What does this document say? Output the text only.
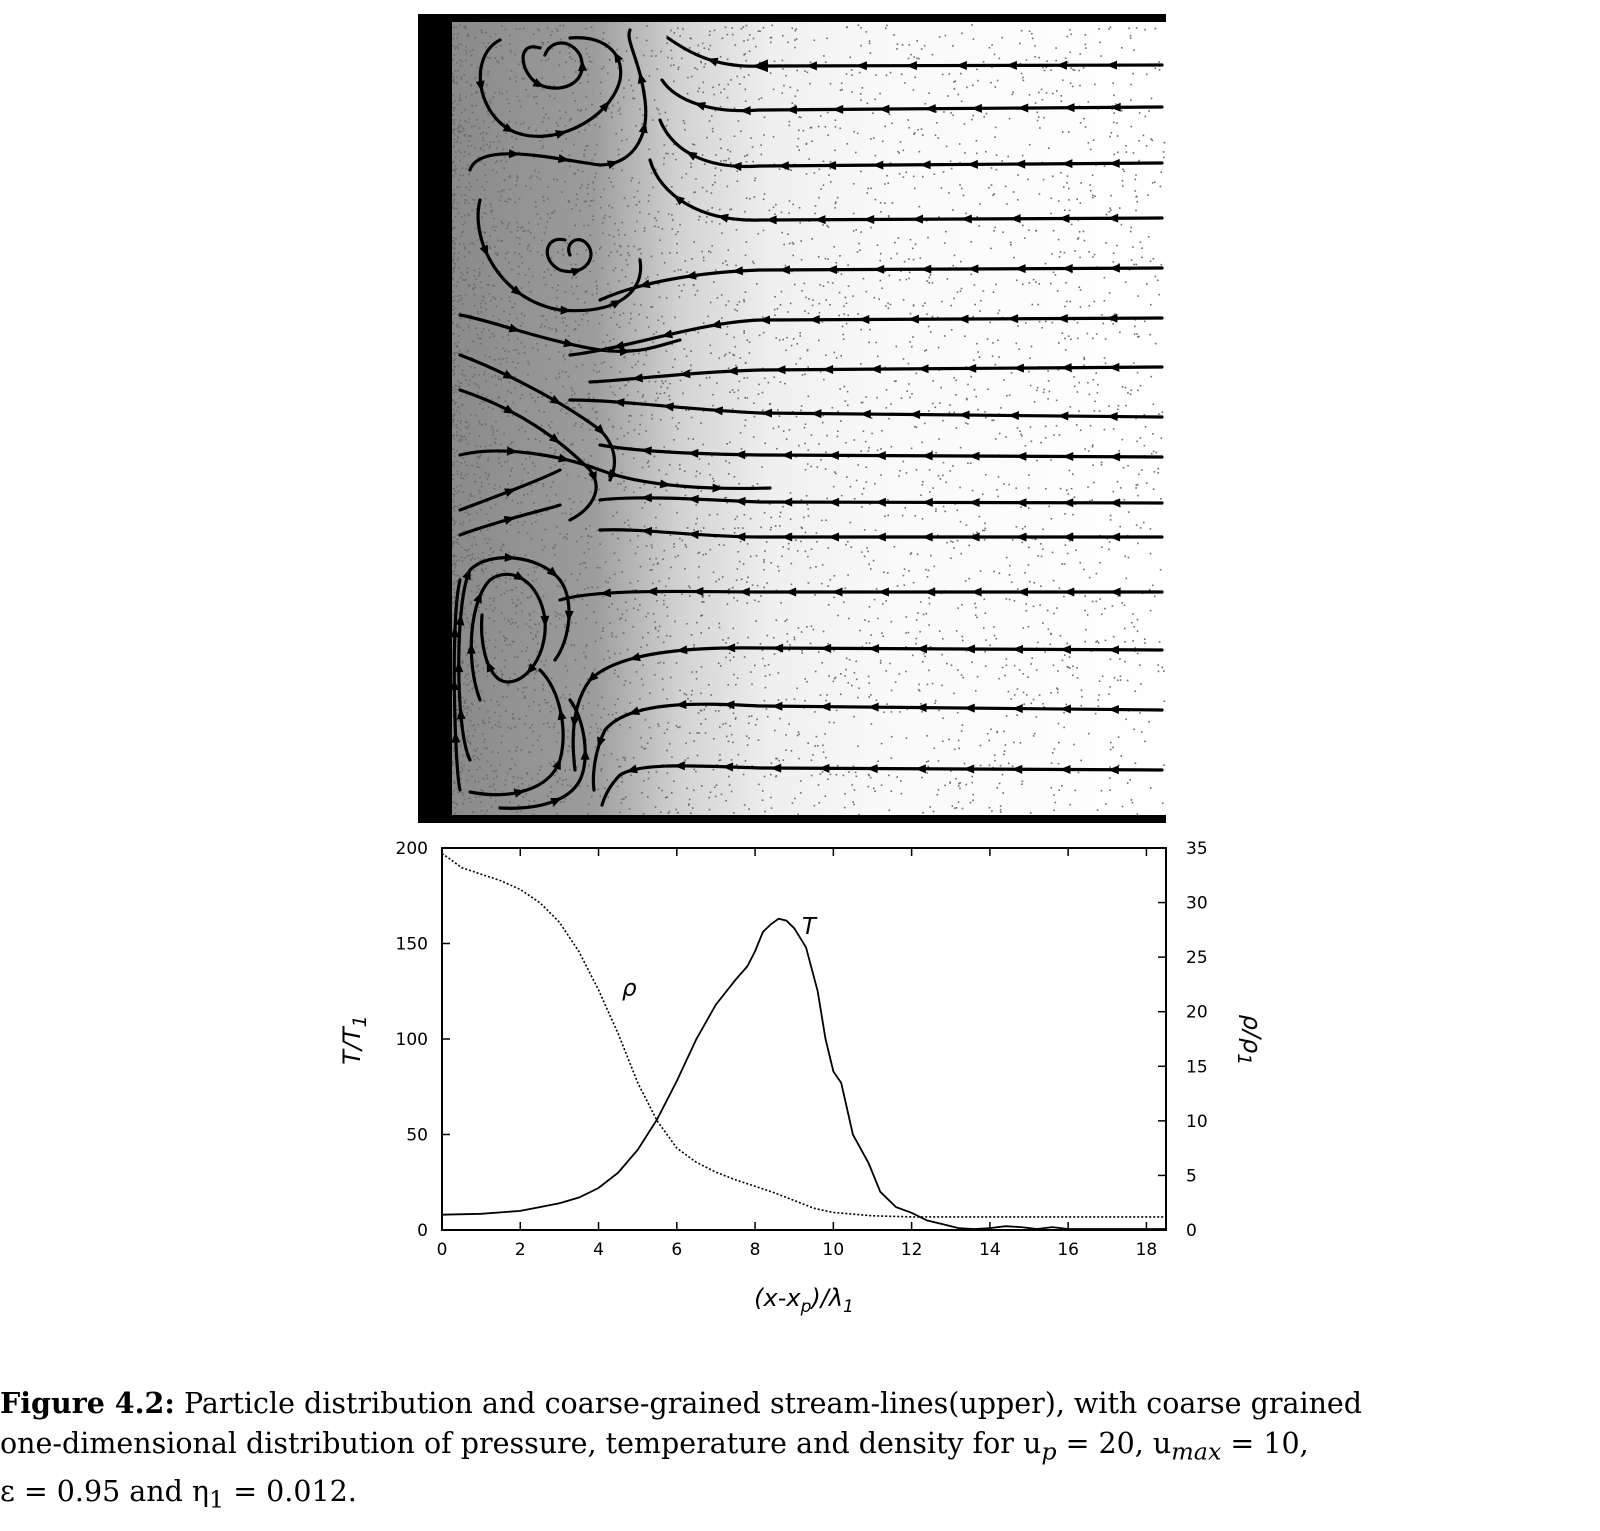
0	2	4	6	8	10	12	14	16	18
0
50
100
150
200
0
5
10
15
20
25
30
35
T
ρ
$(x-x_p)/\lambda_1$
$T/T_1$	$\rho/\rho_1$
Figure 4.2: Particle distribution and coarse-grained stream-lines(upper), with coarse grained
one-dimensional distribution of pressure, temperature and density for $u_p = 20$, $u_{max} = 10$,
ε = 0.95 and $\eta_1 = 0.012$.
